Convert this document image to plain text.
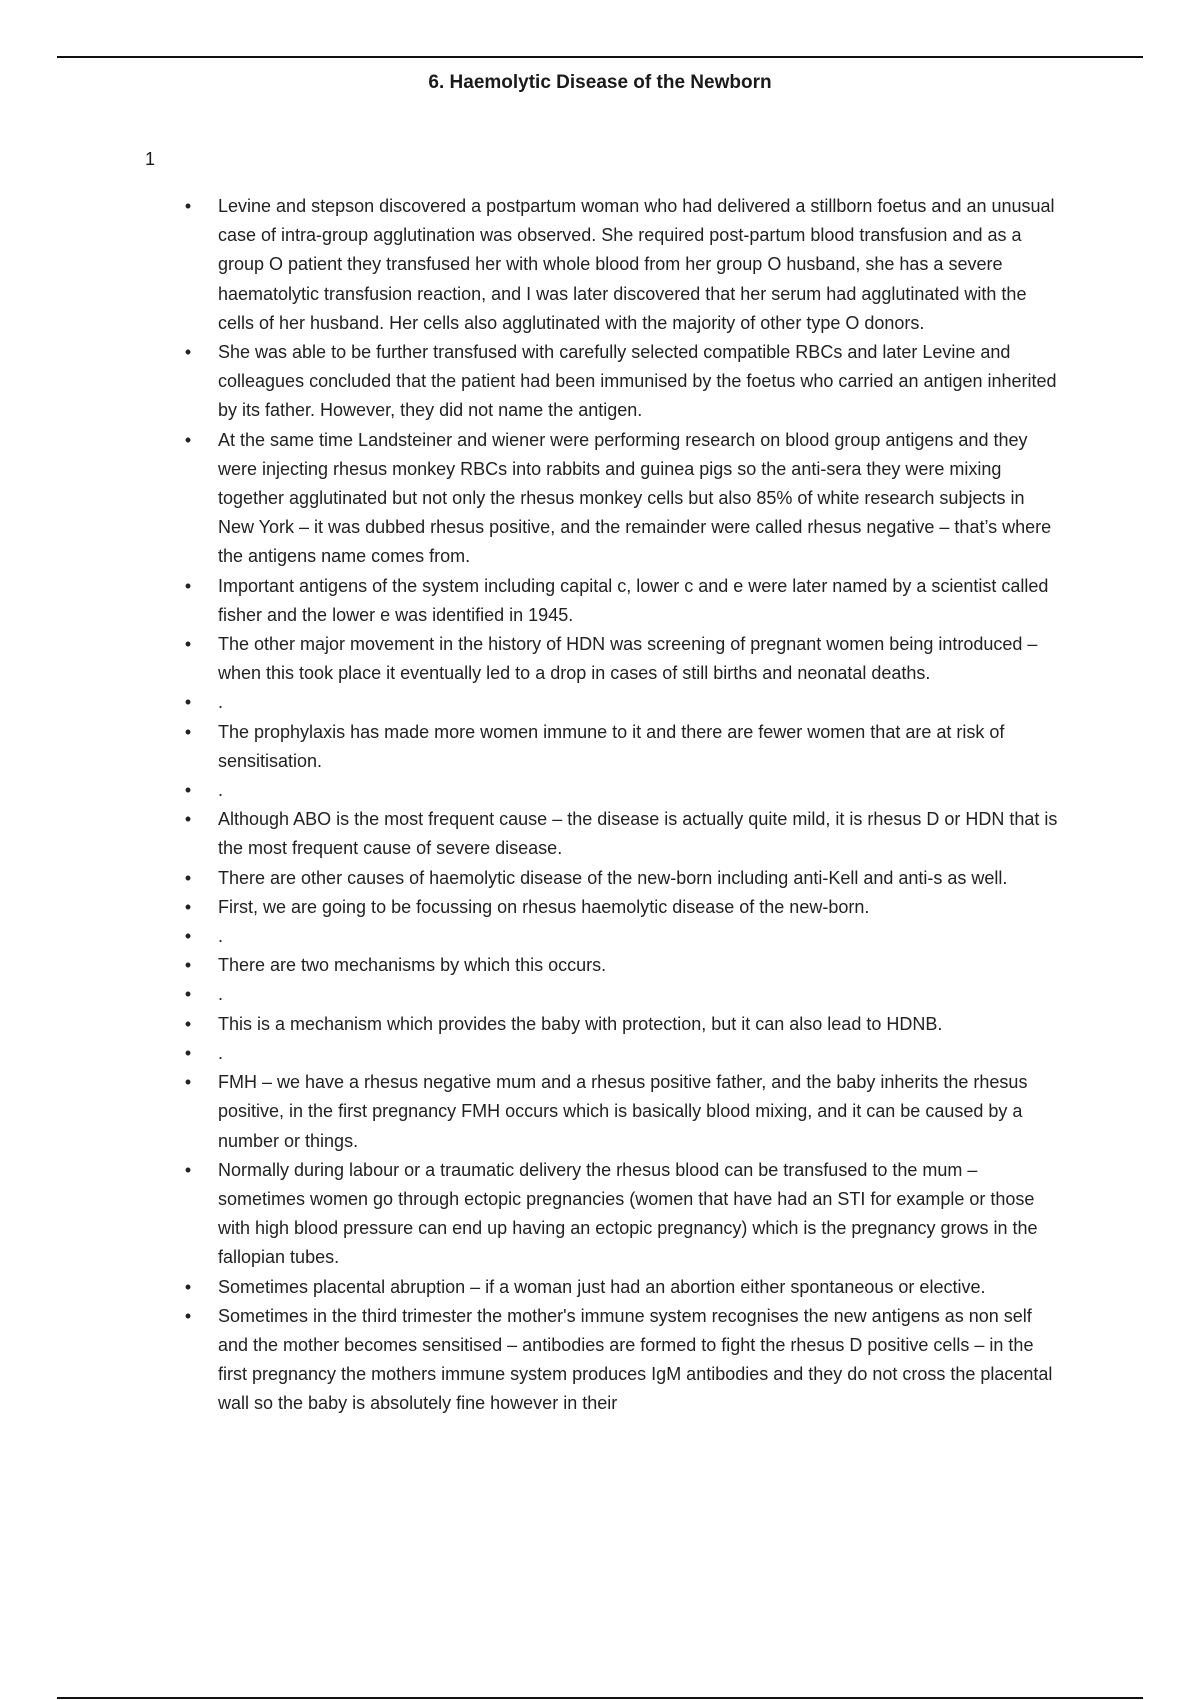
6. Haemolytic Disease of the Newborn
1
• Levine and stepson discovered a postpartum woman who had delivered a stillborn foetus and an unusual case of intra-group agglutination was observed. She required post-partum blood transfusion and as a group O patient they transfused her with whole blood from her group O husband, she has a severe haematolytic transfusion reaction, and I was later discovered that her serum had agglutinated with the cells of her husband. Her cells also agglutinated with the majority of other type O donors.
• She was able to be further transfused with carefully selected compatible RBCs and later Levine and colleagues concluded that the patient had been immunised by the foetus who carried an antigen inherited by its father. However, they did not name the antigen.
• At the same time Landsteiner and wiener were performing research on blood group antigens and they were injecting rhesus monkey RBCs into rabbits and guinea pigs so the anti-sera they were mixing together agglutinated but not only the rhesus monkey cells but also 85% of white research subjects in New York – it was dubbed rhesus positive, and the remainder were called rhesus negative – that’s where the antigens name comes from.
• Important antigens of the system including capital c, lower c and e were later named by a scientist called fisher and the lower e was identified in 1945.
• The other major movement in the history of HDN was screening of pregnant women being introduced – when this took place it eventually led to a drop in cases of still births and neonatal deaths.
• .
• The prophylaxis has made more women immune to it and there are fewer women that are at risk of sensitisation.
• .
• Although ABO is the most frequent cause – the disease is actually quite mild, it is rhesus D or HDN that is the most frequent cause of severe disease.
• There are other causes of haemolytic disease of the new-born including anti-Kell and anti-s as well.
• First, we are going to be focussing on rhesus haemolytic disease of the new-born.
• .
• There are two mechanisms by which this occurs.
• .
• This is a mechanism which provides the baby with protection, but it can also lead to HDNB.
• .
• FMH – we have a rhesus negative mum and a rhesus positive father, and the baby inherits the rhesus positive, in the first pregnancy FMH occurs which is basically blood mixing, and it can be caused by a number or things.
• Normally during labour or a traumatic delivery the rhesus blood can be transfused to the mum – sometimes women go through ectopic pregnancies (women that have had an STI for example or those with high blood pressure can end up having an ectopic pregnancy) which is the pregnancy grows in the fallopian tubes.
• Sometimes placental abruption – if a woman just had an abortion either spontaneous or elective.
• Sometimes in the third trimester the mother's immune system recognises the new antigens as non self and the mother becomes sensitised – antibodies are formed to fight the rhesus D positive cells – in the first pregnancy the mothers immune system produces IgM antibodies and they do not cross the placental wall so the baby is absolutely fine however in their
